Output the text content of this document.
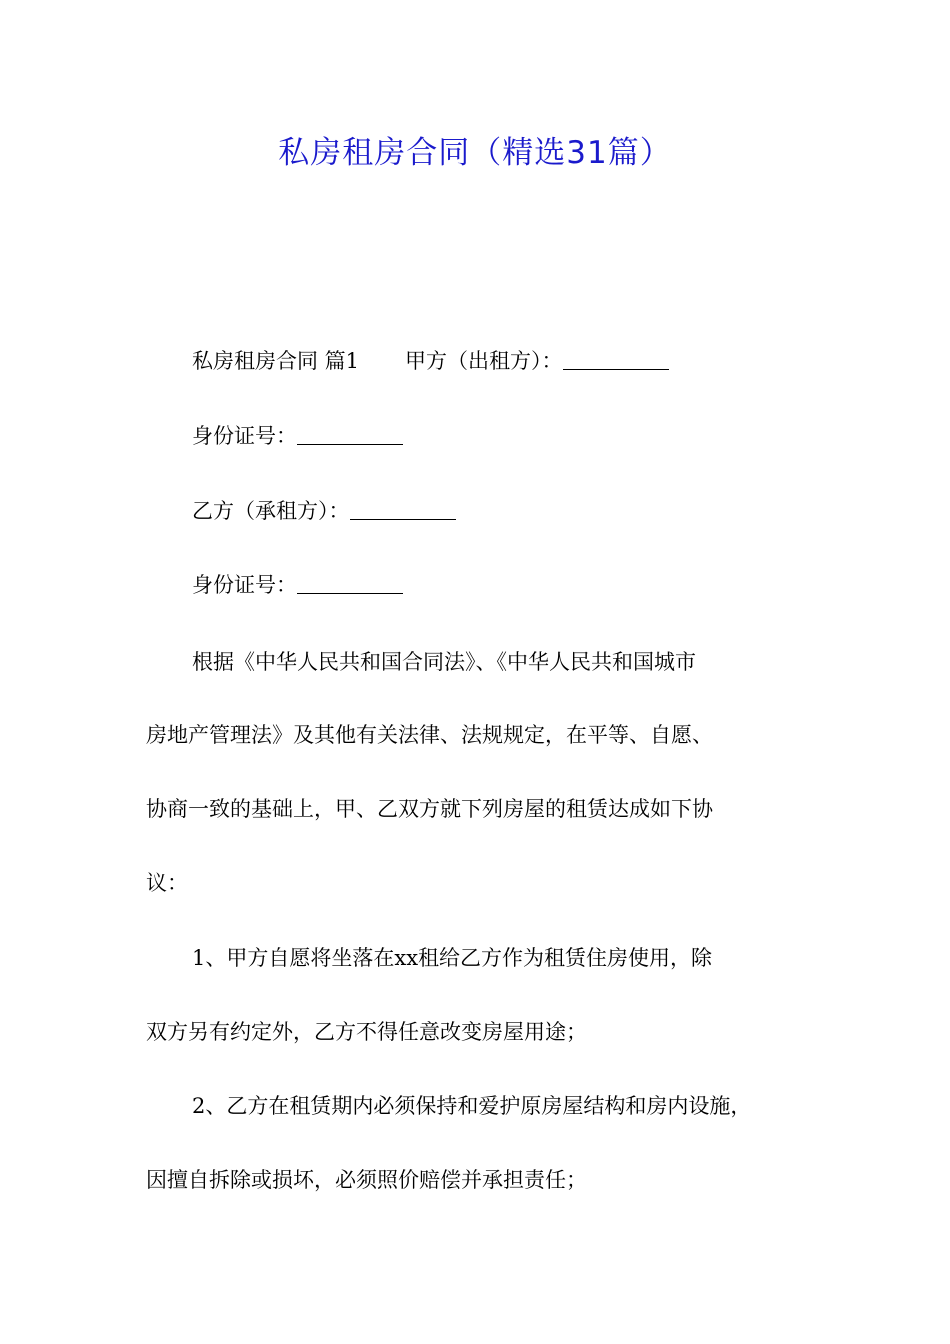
私房租房合同（精选31篇）
私房租房合同 篇1 甲方（出租方）：
身份证号：
乙方（承租方）：
身份证号：
根据《中华人民共和国合同法》、《中华人民共和国城市
房地产管理法》及其他有关法律、法规规定，在平等、自愿、
协商一致的基础上，甲、乙双方就下列房屋的租赁达成如下协
议：
1、甲方自愿将坐落在xx租给乙方作为租赁住房使用，除
双方另有约定外，乙方不得任意改变房屋用途；
2、乙方在租赁期内必须保持和爱护原房屋结构和房内设施，
因擅自拆除或损坏，必须照价赔偿并承担责任；
